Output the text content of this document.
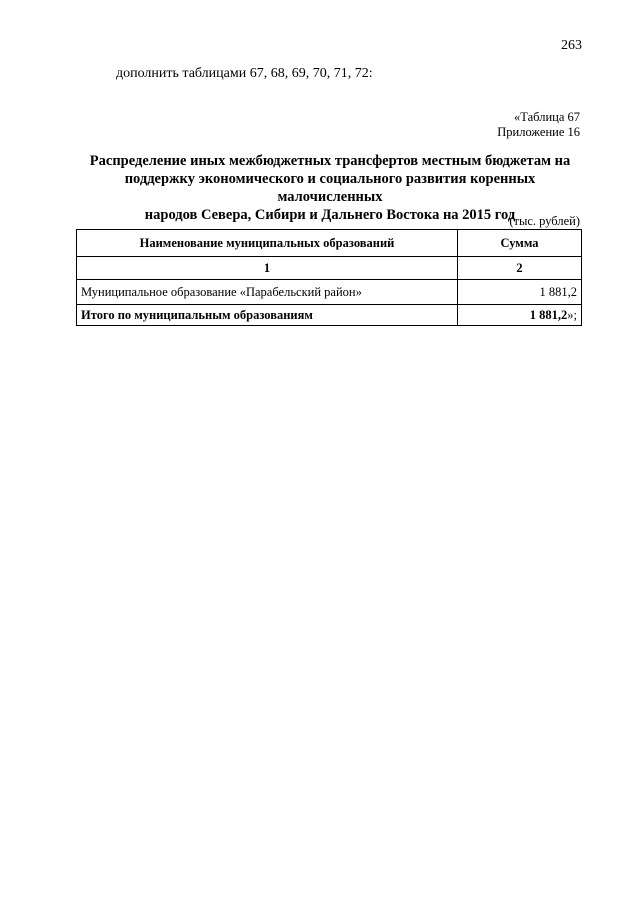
263
дополнить таблицами 67, 68, 69, 70, 71, 72:
«Таблица 67
Приложение 16
Распределение иных межбюджетных трансфертов местным бюджетам на
поддержку экономического и социального развития коренных малочисленных
народов Севера, Сибири и Дальнего Востока на 2015 год
(тыс. рублей)
Наименование муниципальных образований	Сумма
1	2
Муниципальное образование «Парабельский район»	1 881,2
Итого по муниципальным образованиям	1 881,2»;
